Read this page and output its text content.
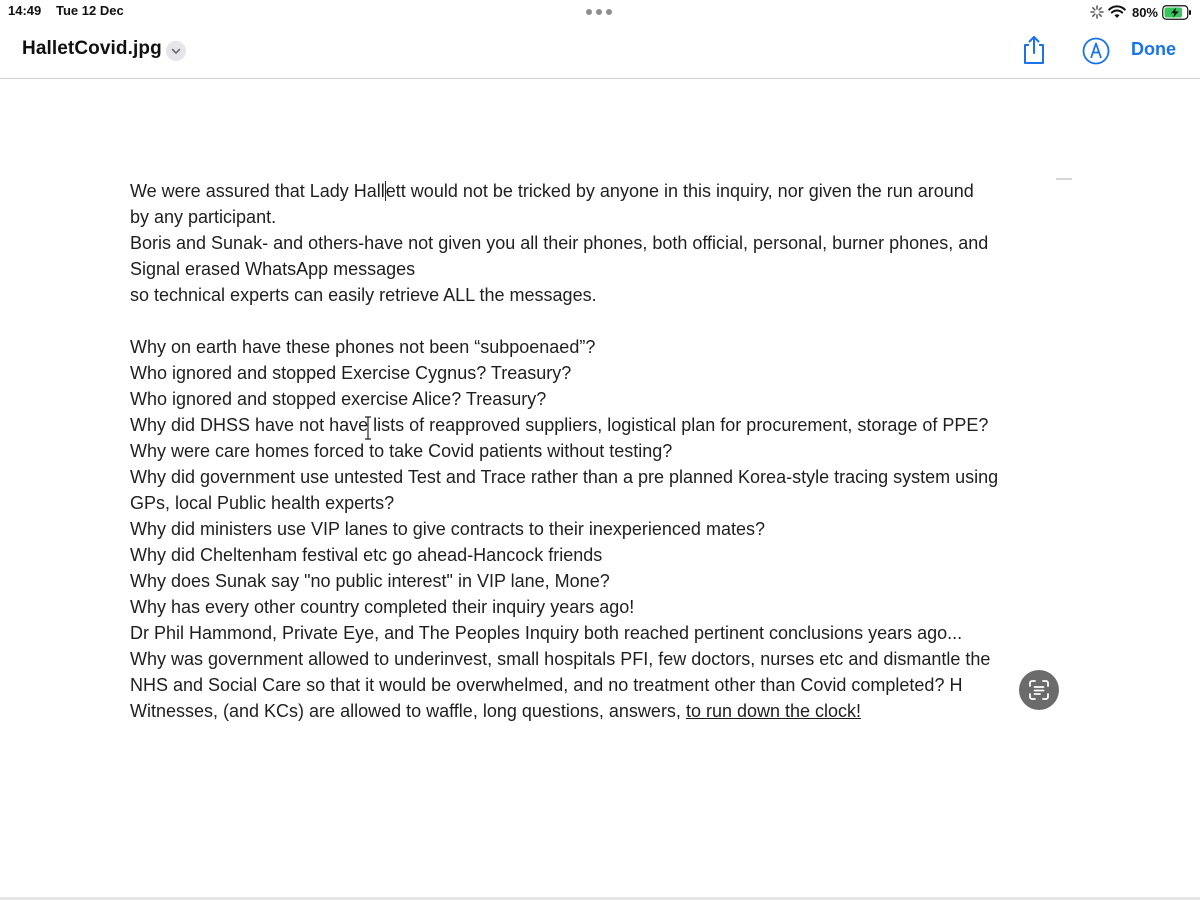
14:49 Tue 12 Dec	80%
HalletCovid.jpg	Done
We were assured that Lady Hallett would not be tricked by anyone in this inquiry, nor given the run around
by any participant.
Boris and Sunak- and others-have not given you all their phones, both official, personal, burner phones, and
Signal erased WhatsApp messages
so technical experts can easily retrieve ALL the messages.
Why on earth have these phones not been “subpoenaed”?
Who ignored and stopped Exercise Cygnus? Treasury?
Who ignored and stopped exercise Alice? Treasury?
Why did DHSS have not have lists of reapproved suppliers, logistical plan for procurement, storage of PPE?
Why were care homes forced to take Covid patients without testing?
Why did government use untested Test and Trace rather than a pre planned Korea-style tracing system using
GPs, local Public health experts?
Why did ministers use VIP lanes to give contracts to their inexperienced mates?
Why did Cheltenham festival etc go ahead-Hancock friends
Why does Sunak say "no public interest" in VIP lane, Mone?
Why has every other country completed their inquiry years ago!
Dr Phil Hammond, Private Eye, and The Peoples Inquiry both reached pertinent conclusions years ago...
Why was government allowed to underinvest, small hospitals PFI, few doctors, nurses etc and dismantle the
NHS and Social Care so that it would be overwhelmed, and no treatment other than Covid completed? H
Witnesses, (and KCs) are allowed to waffle, long questions, answers, to run down the clock!
